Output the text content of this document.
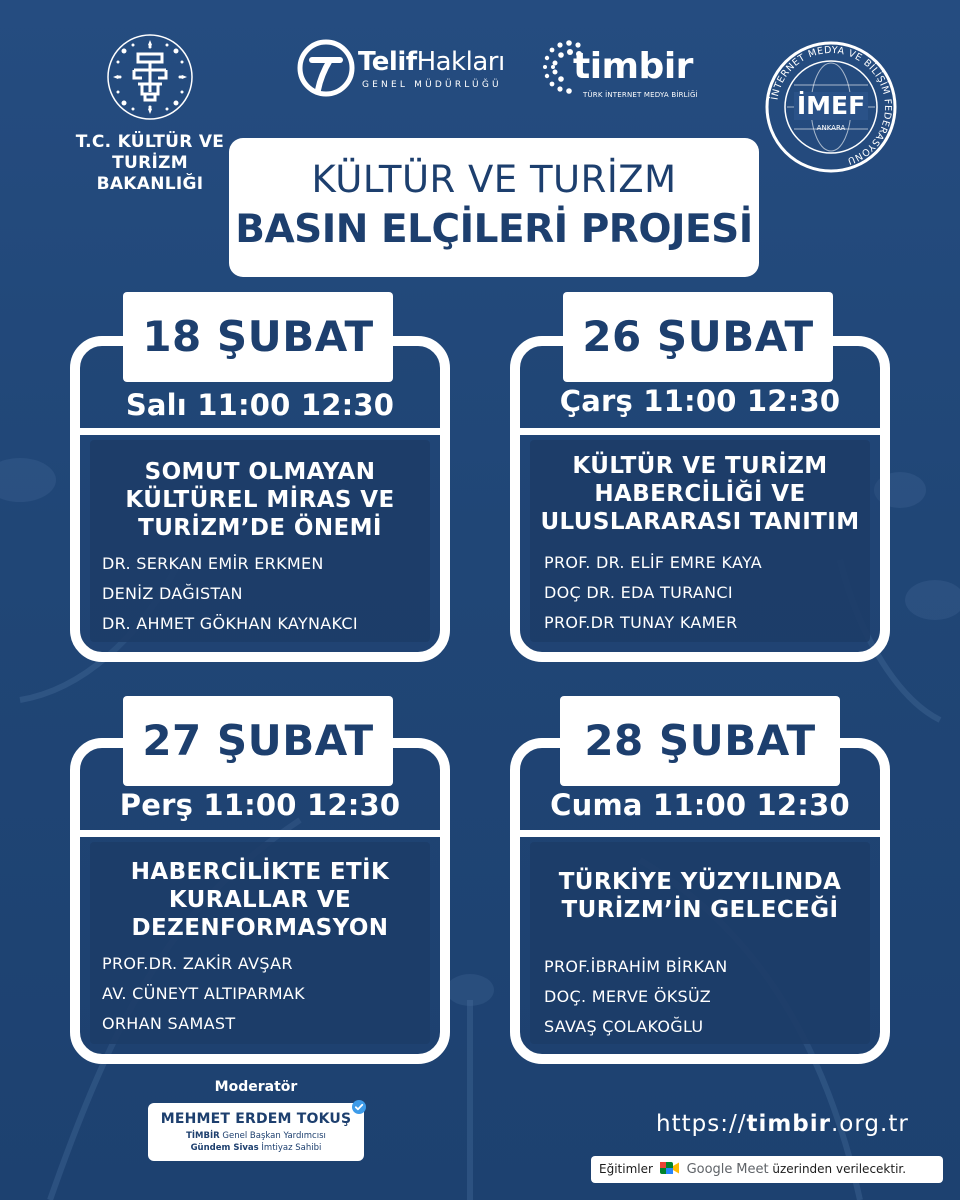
T.C. KÜLTÜR VE TURİZM
BAKANLIĞI
TelifHakları
GENEL MÜDÜRLÜĞÜ timbir
TÜRK İNTERNET MEDYA BİRLİĞİ	İNTERNET MEDYA VE BİLİŞİM FEDERASYONU
İMEF
ANKARA
KÜLTÜR VE TURİZM
BASIN ELÇİLERİ PROJESİ
18 ŞUBAT
Salı 11:00 12:30
SOMUT OLMAYAN
KÜLTÜREL MİRAS VE
TURİZM’DE ÖNEMİ
DR. SERKAN EMİR ERKMEN
DENİZ DAĞISTAN
DR. AHMET GÖKHAN KAYNAKCI
26 ŞUBAT
Çarş 11:00 12:30
KÜLTÜR VE TURİZM
HABERCİLİĞİ VE
ULUSLARARASI TANITIM
PROF. DR. ELİF EMRE KAYA
DOÇ DR. EDA TURANCI
PROF.DR TUNAY KAMER
27 ŞUBAT
Perş 11:00 12:30
HABERCİLİKTE ETİK
KURALLAR VE
DEZENFORMASYON
PROF.DR. ZAKİR AVŞAR
AV. CÜNEYT ALTIPARMAK
ORHAN SAMAST
28 ŞUBAT
Cuma 11:00 12:30
TÜRKİYE YÜZYILINDA
TURİZM’İN GELECEĞİ
PROF.İBRAHİM BİRKAN
DOÇ. MERVE ÖKSÜZ
SAVAŞ ÇOLAKOĞLU
Moderatör
MEHMET ERDEM TOKUŞ
TİMBİR Genel Başkan Yardımcısı
Gündem Sivas İmtiyaz Sahibi
https://timbir.org.tr
Eğitimler	Google Meet üzerinden verilecektir.
